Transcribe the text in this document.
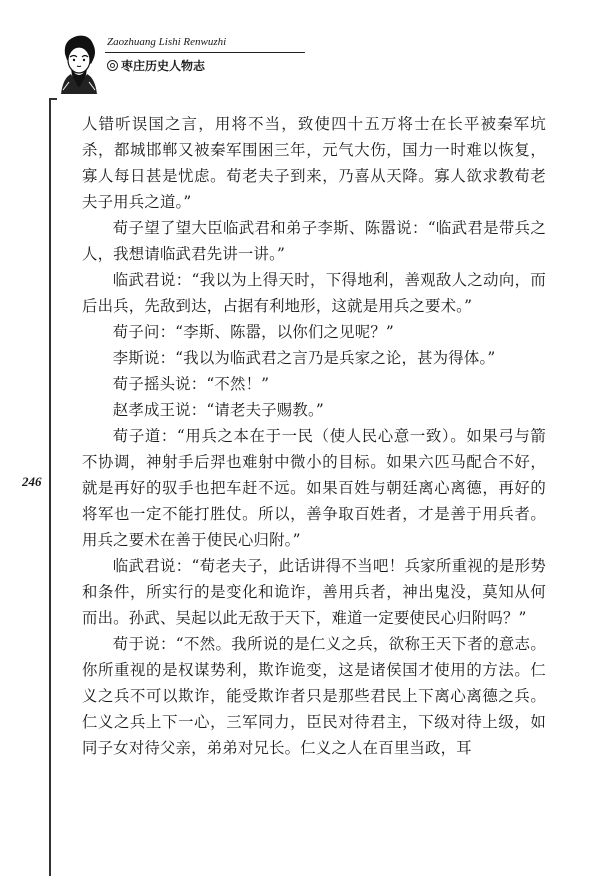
Zaozhuang Lishi Renwuzhi
枣庄历史人物志
246

人错听误国之言，用将不当，致使四十五万将士在长平被秦军坑杀，都城邯郸又被秦军围困三年，元气大伤，国力一时难以恢复，寡人每日甚是忧虑。荀老夫子到来，乃喜从天降。寡人欲求教荀老夫子用兵之道。”

荀子望了望大臣临武君和弟子李斯、陈嚣说：“临武君是带兵之人，我想请临武君先讲一讲。”

临武君说：“我以为上得天时，下得地利，善观敌人之动向，而后出兵，先敌到达，占据有利地形，这就是用兵之要术。”

荀子问：“李斯、陈嚣，以你们之见呢？”

李斯说：“我以为临武君之言乃是兵家之论，甚为得体。”

荀子摇头说：“不然！”

赵孝成王说：“请老夫子赐教。”

荀子道：“用兵之本在于一民（使人民心意一致）。如果弓与箭不协调，神射手后羿也难射中微小的目标。如果六匹马配合不好，就是再好的驭手也把车赶不远。如果百姓与朝廷离心离德，再好的将军也一定不能打胜仗。所以，善争取百姓者，才是善于用兵者。用兵之要术在善于使民心归附。”

临武君说：“荀老夫子，此话讲得不当吧！兵家所重视的是形势和条件，所实行的是变化和诡诈，善用兵者，神出鬼没，莫知从何而出。孙武、吴起以此无敌于天下，难道一定要使民心归附吗？”

荀于说：“不然。我所说的是仁义之兵，欲称王天下者的意志。你所重视的是权谋势利，欺诈诡变，这是诸侯国才使用的方法。仁义之兵不可以欺诈，能受欺诈者只是那些君民上下离心离德之兵。仁义之兵上下一心，三军同力，臣民对待君主，下级对待上级，如同子女对待父亲，弟弟对兄长。仁义之人在百里当政，耳
